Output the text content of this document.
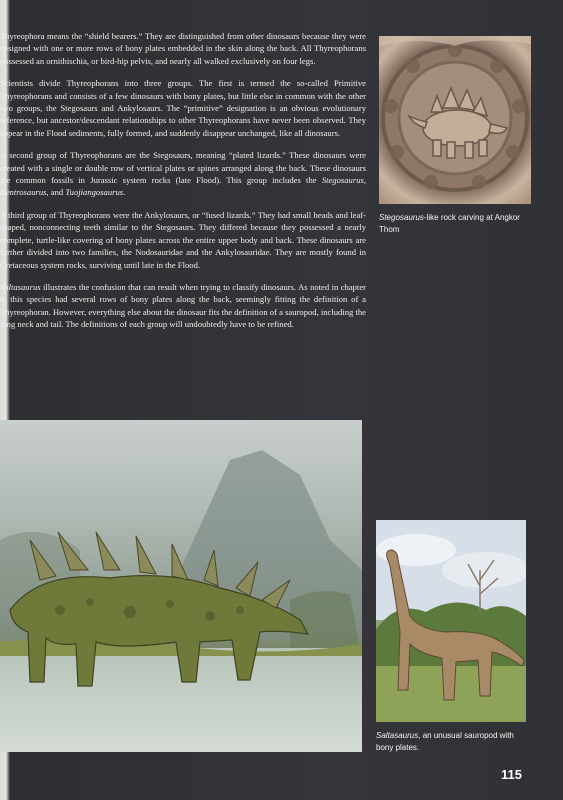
Thyreophora means the “shield bearers.” They are distinguished from other dinosaurs because they were designed with one or more rows of bony plates embedded in the skin along the back. All Thyreophorans possessed an ornithischia, or bird-hip pelvis, and nearly all walked exclusively on four legs.

Scientists divide Thyreophorans into three groups. The first is termed the so-called Primitive Thyreophorans and consists of a few dinosaurs with bony plates, but little else in common with the other two groups, the Stegosaurs and Ankylosaurs. The “primitive” designation is an obvious evolutionary reference, but ancestor/descendant relationships to other Thyreophorans have never been observed. They appear in the Flood sediments, fully formed, and suddenly disappear unchanged, like all dinosaurs.

A second group of Thyreophorans are the Stegosaurs, meaning “plated lizards.” These dinosaurs were created with a single or double row of vertical plates or spines arranged along the back. These dinosaurs are common fossils in Jurassic system rocks (late Flood). This group includes the Stegosaurus, Kentrosaurus, and Tuojiangosaurus.

A third group of Thyreophorans were the Ankylosaurs, or “fused lizards.” They had small heads and leaf-shaped, nonconnecting teeth similar to the Stegosaurs. They differed because they possessed a nearly complete, turtle-like covering of bony plates across the entire upper body and back. These dinosaurs are further divided into two families, the Nodosauridae and the Ankylosauridae. They are mostly found in Cretaceous system rocks, surviving until late in the Flood.

Saltasaurus illustrates the confusion that can result when trying to classify dinosaurs. As noted in chapter 6, this species had several rows of bony plates along the back, seemingly fitting the definition of a Thyreophoran. However, everything else about the dinosaur fits the definition of a sauropod, including the long neck and tail. The definitions of each group will undoubtedly have to be refined.

Stegosaurus-like rock carving at Angkor Thom
Saltasaurus, an unusual sauropod with bony plates.
115
